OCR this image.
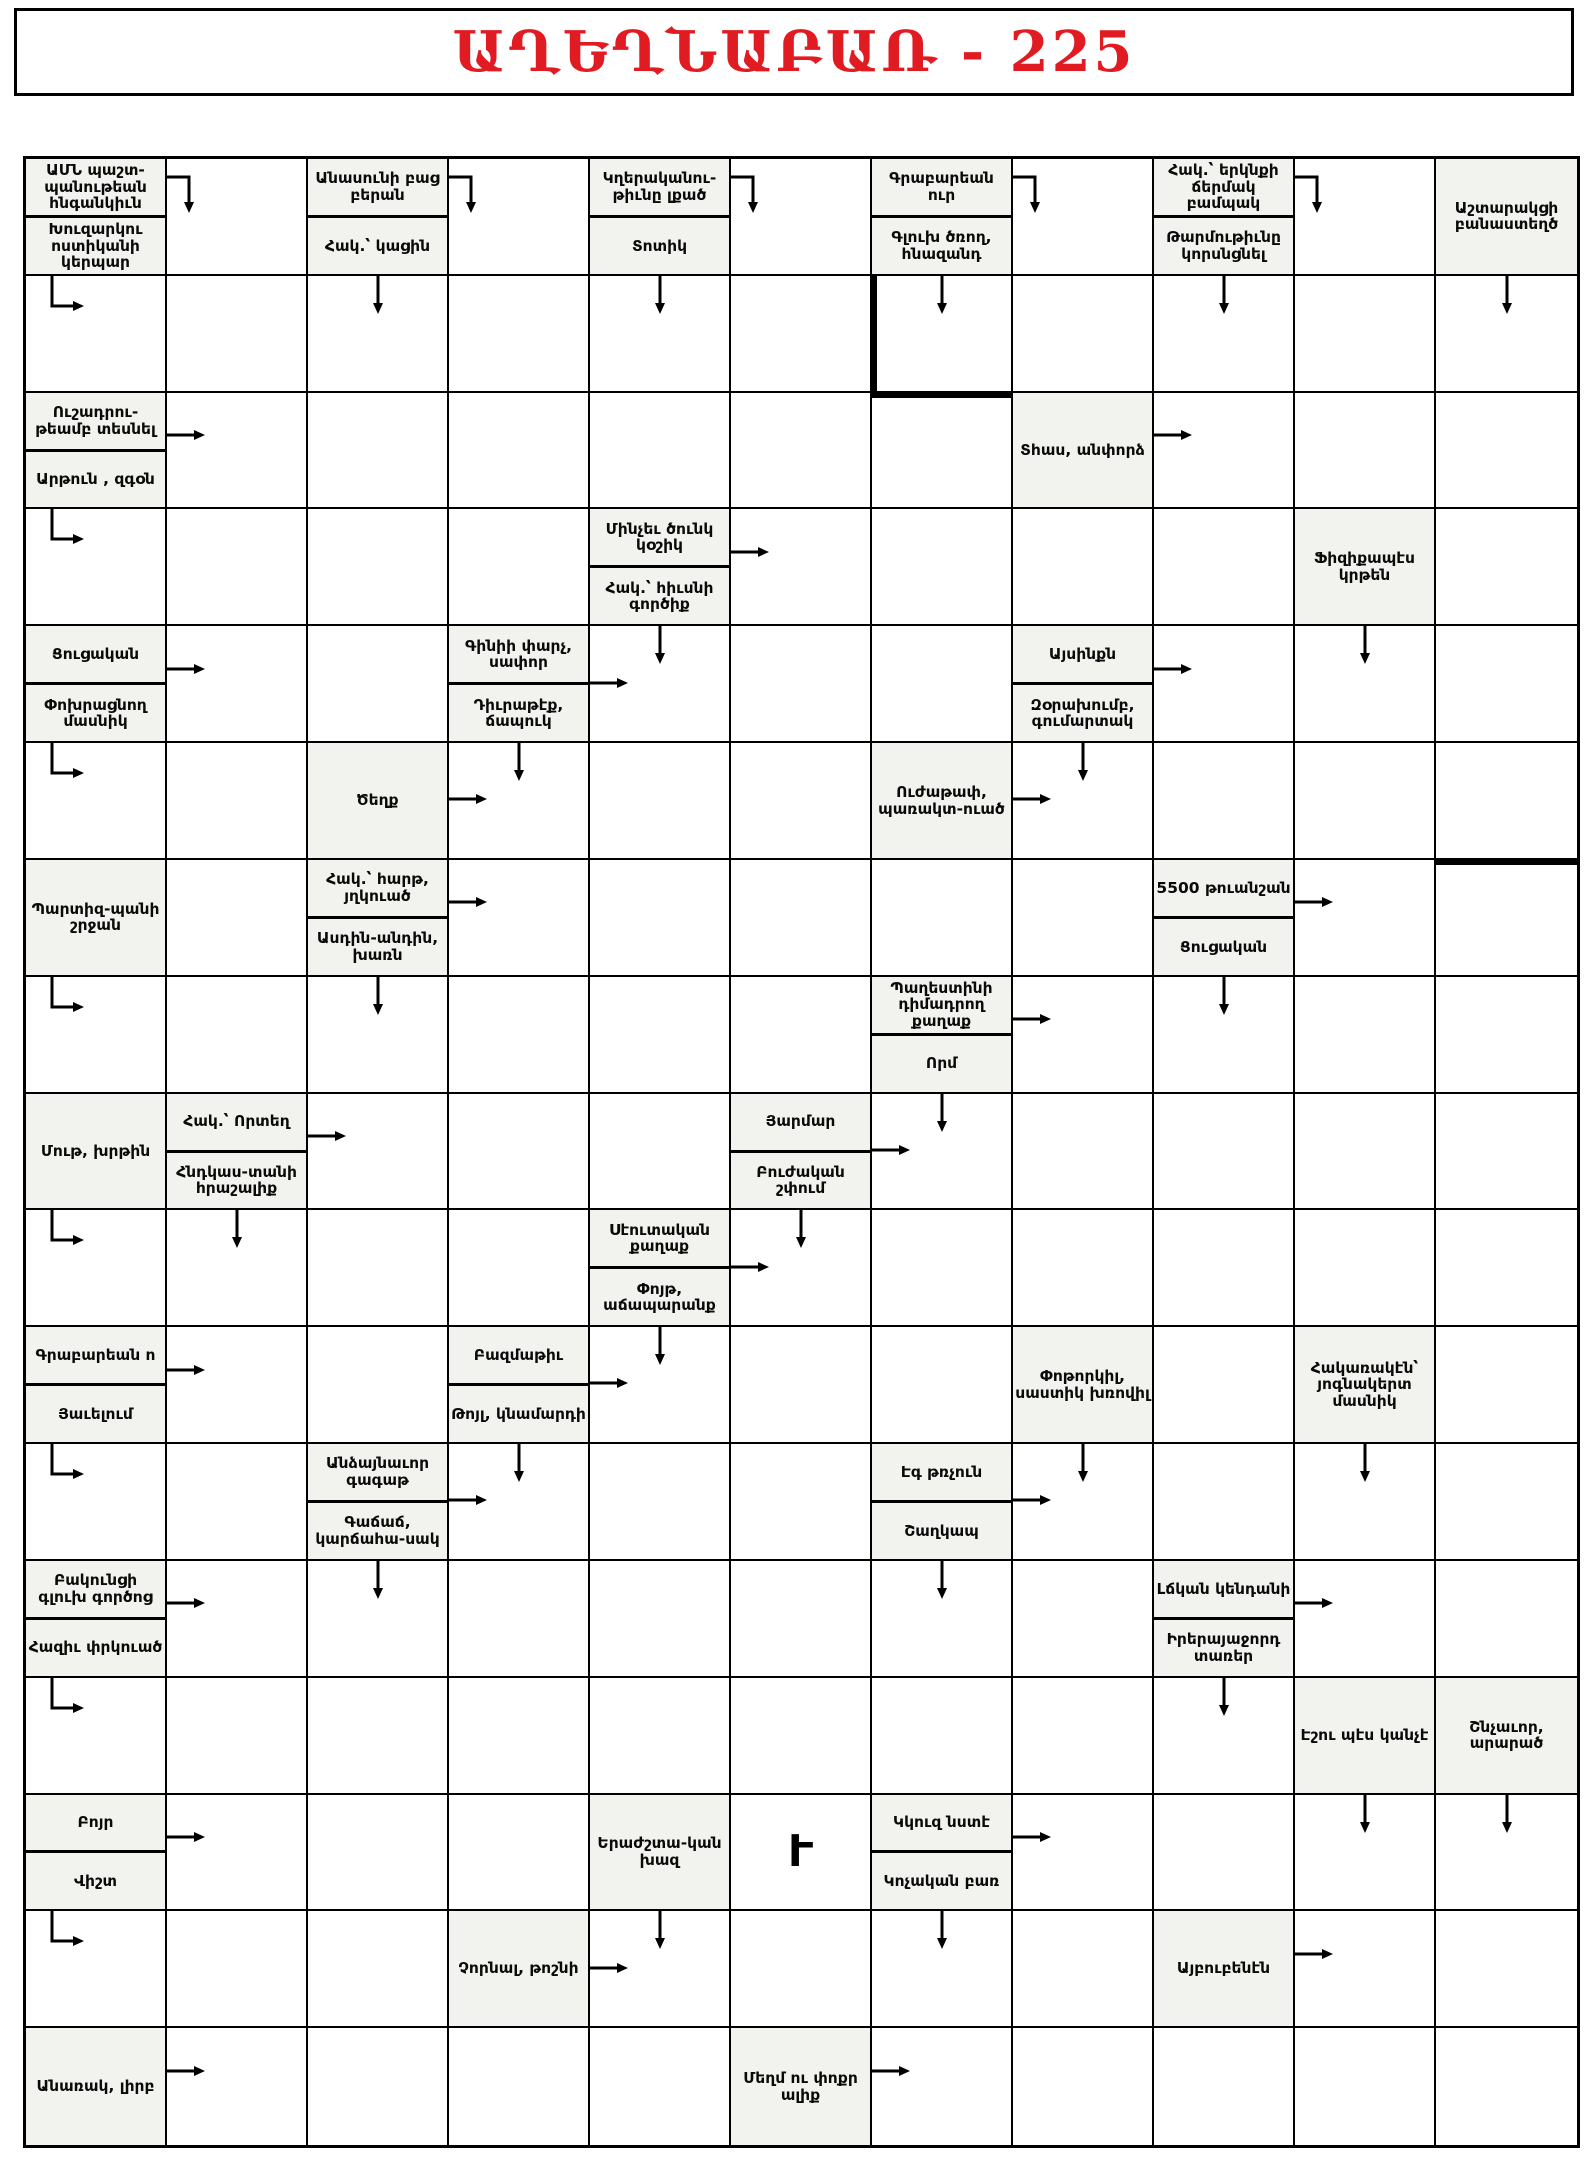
ԱՂԵՂՆԱԲԱՌ - 225
ԱՄՆ պաշտ-պանութեան հնգանկիւն
Խուզարկու ոստիկանի կերպար
Անասունի բաց բերան
Հակ.՝ կացին
Կղերականու-թիւնը լքած
Տոտիկ
Գրաբարեան ուր
Գլուխ ծռող, հնազանդ
Հակ.՝ երկնքի ճերմակ բամպակ
Թարմութիւնը կորսնցնել
Աշտարակցի բանաստեղծ
Ուշադրու-թեամբ տեսնել
Արթուն , զգօն
Տհաս, անփորձ
Մինչեւ ծունկ կօշիկ
Հակ.՝ հիւսնի գործիք
Ֆիզիքապէս կրթեն
Ցուցական
Փոխրացնող մասնիկ
Գինիի փարչ, սափոր
Դիւրաթէք, ճապուկ
Այսինքն
Զօրախումբ, գումարտակ
Ծեղք	Ուժաթափ, պառակտ-ուած
Պարտիզ-պանի շրջան
Հակ.՝ հարթ, յղկուած
Ասդին-անդին, խառն
5500 թուանշան
Ցուցական
Պաղեստինի դիմադրող քաղաք
Որմ
Մութ, խրթին
Հակ.՝ Որտեղ
Հնդկաս-տանի հրաշալիք
Յարմար
Բուժական շփում
Սէուտական քաղաք
Փոյթ, աճապարանք
Գրաբարեան ո
Յաւելում
Բազմաթիւ
Թոյլ, կնամարդի
Փոթորկիլ, սաստիկ խռովիլ
Հակառակէն՝ յոգնակերտ մասնիկ
Անձայնաւոր գագաթ
Գաճաճ, կարճահա-սակ
Էգ թռչուն
Շաղկապ
Բակունցի գլուխ գործոց
Հազիւ փրկուած
Լճկան կենդանի
Իրերայաջորդ տառեր
Էշու պէս կանչէ	Շնչաւոր, արարած
Բոյր
Վիշտ
Երաժշտա-կան խազ	Ւ
Կկուզ նստէ
Կոչական բառ
Չորնալ, թոշնի	Այբուբենէն
Անառակ, լիրբ	Մեղմ ու փոքր ալիք
